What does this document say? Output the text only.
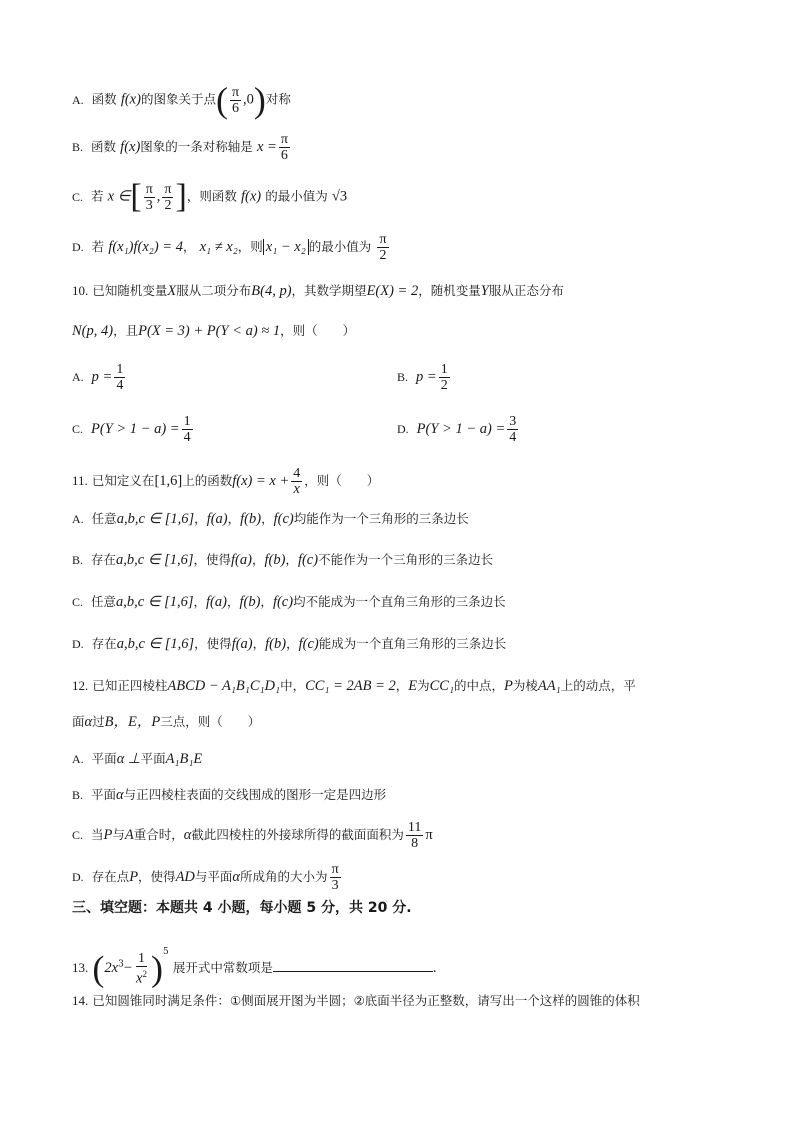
A. 函数 f(x)的图象关于点( $\frac{\pi}{6} ,0$)对称
B. 函数 f(x)图象的一条对称轴是 $x = \frac{\pi}{6}$
C. 若 x ∈[ $\frac{\pi}{3}$ , $\frac{\pi}{2}$ ]，则函数 f(x) 的最小值为 √3
D. 若 f(x₁)f(x₂) = 4， x₁ ≠ x₂，则 x₁ − x₂ 的最小值为 $\frac{\pi}{2}$
10. 已知随机变量X服从二项分布B(4, p)，其数学期望E(X) = 2，随机变量Y服从正态分布
N(p, 4)，且P(X = 3) + P(Y < a) ≈ 1，则（　　）
A. $p = \frac{1}{4}$	B. $p = \frac{1}{2}$
C. $P(Y > 1 - a) = \frac{1}{4}$	D. $P(Y > 1 - a) = \frac{3}{4}$
11. 已知定义在[1,6]上的函数$f(x) = x + \frac{4}{x}$ ，则（　　）
A. 任意a,b,c ∈ [1,6]，f(a)，f(b)，f(c)均能作为一个三角形的三条边长
B. 存在a,b,c ∈ [1,6]，使得f(a)，f(b)，f(c)不能作为一个三角形的三条边长
C. 任意a,b,c ∈ [1,6]，f(a)，f(b)，f(c)均不能成为一个直角三角形的三条边长
D. 存在a,b,c ∈ [1,6]，使得f(a)，f(b)，f(c)能成为一个直角三角形的三条边长
12. 已知正四棱柱ABCD − A₁B₁C₁D₁中，CC₁ = 2AB = 2，E为CC₁的中点，P为棱AA₁上的动点，平
面α过B，E，P三点，则（　　）
A. 平面α ⊥平面A₁B₁E
B. 平面α与正四棱柱表面的交线围成的图形一定是四边形
C. 当P与A重合时，α截此四棱柱的外接球所得的截面面积为 $\frac{11}{8}$ π
D. 存在点P，使得AD与平面α所成角的大小为 $\frac{\pi}{3}$
三、填空题：本题共 4 小题，每小题 5 分，共 20 分.
13. $(2x^3- \frac{1}{x^2} )^5$ 展开式中常数项是	.
14. 已知圆锥同时满足条件：①侧面展开图为半圆；②底面半径为正整数，请写出一个这样的圆锥的体积
